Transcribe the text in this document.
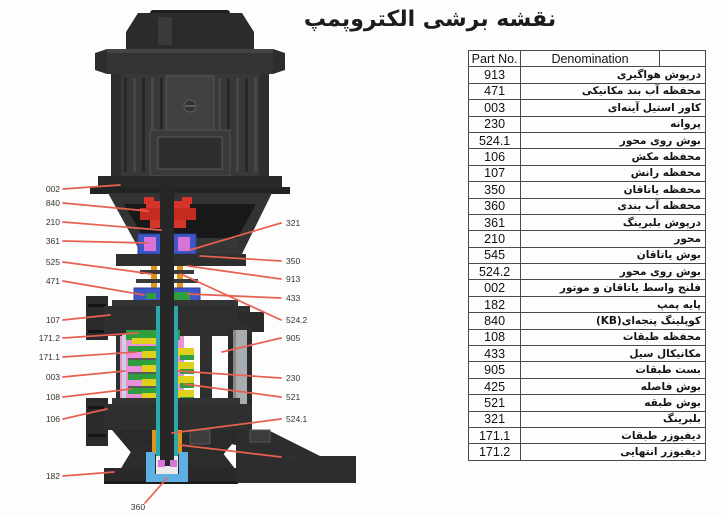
نقشه برشی الکتروپمپ
Part No.	Denomination	
913	درپوش هواگیری	
471	محفظه آب بند مکانیکی	
003	کاور استیل آینه‌ای	
230	پروانه	
524.1	بوش روی محور	
106	محفظه مکش	
107	محفظه رانش	
350	محفظه یاتاقان	
360	محفظه آب بندی	
361	درپوش بلبرینگ	
210	محور	
545	بوش یاتاقان	
524.2	بوش روی محور	
002	فلنج واسط یاتاقان و موتور	
182	پایه پمپ	
840	کوپلینگ پنجه‌ای(KB)	
108	محفظه طبقات	
433	مکانیکال سیل	
905	بست طبقات	
425	بوش فاصله	
521	بوش طبقه	
321	بلبرینگ	
171.1	دیفیوزر طبقات	
171.2	دیفیوزر انتهایی	
002
840
210
361
525
471
107
171.2
171.1
003
108
106
182
360
321
350
913
433
524.2
905
230
521
524.1
545
